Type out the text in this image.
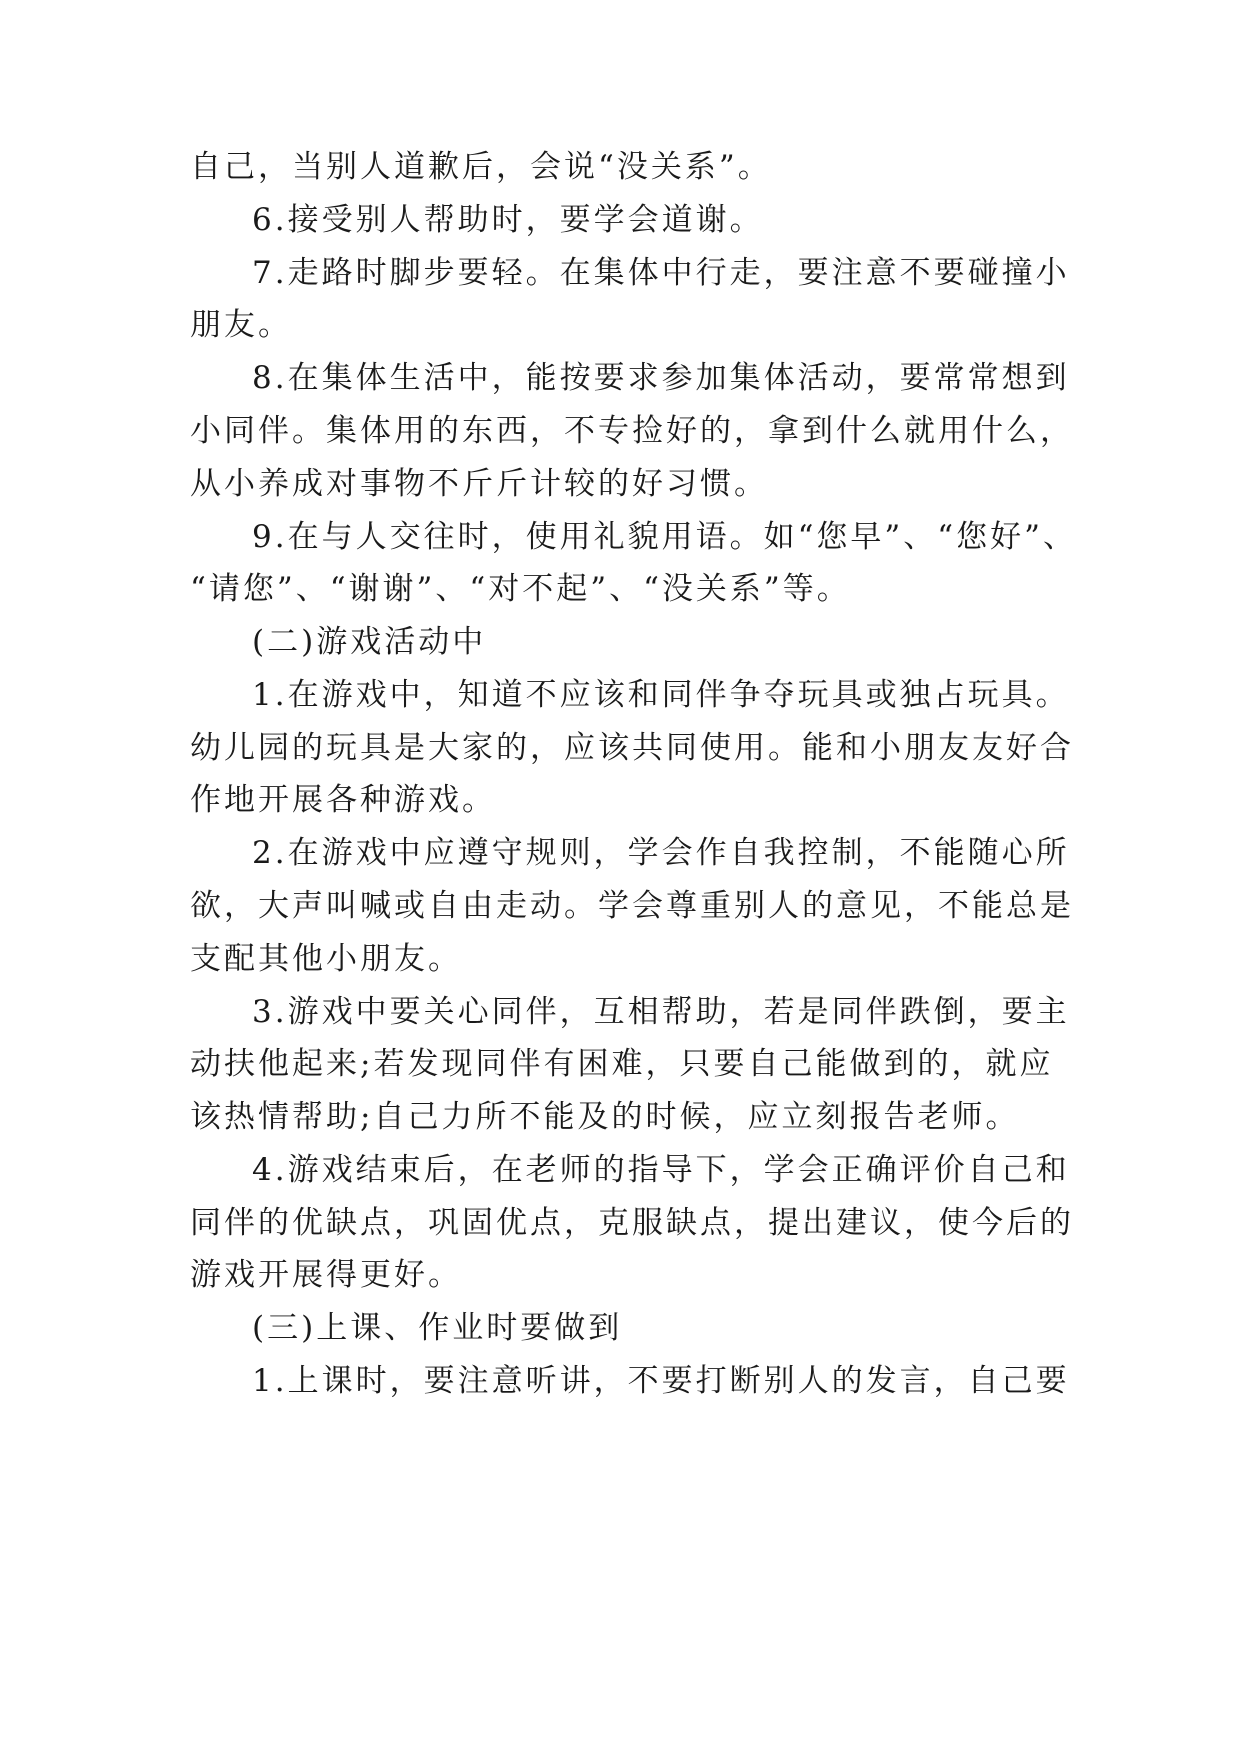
自己，当别人道歉后，会说“没关系”。
6.接受别人帮助时，要学会道谢。
7.走路时脚步要轻。在集体中行走，要注意不要碰撞小
朋友。
8.在集体生活中，能按要求参加集体活动，要常常想到
小同伴。集体用的东西，不专捡好的，拿到什么就用什么，
从小养成对事物不斤斤计较的好习惯。
9.在与人交往时，使用礼貌用语。如“您早”、“您好”、
“请您”、“谢谢”、“对不起”、“没关系”等。
(二)游戏活动中
1.在游戏中，知道不应该和同伴争夺玩具或独占玩具。
幼儿园的玩具是大家的，应该共同使用。能和小朋友友好合
作地开展各种游戏。
2.在游戏中应遵守规则，学会作自我控制，不能随心所
欲，大声叫喊或自由走动。学会尊重别人的意见，不能总是
支配其他小朋友。
3.游戏中要关心同伴，互相帮助，若是同伴跌倒，要主
动扶他起来;若发现同伴有困难，只要自己能做到的，就应
该热情帮助;自己力所不能及的时候，应立刻报告老师。
4.游戏结束后，在老师的指导下，学会正确评价自己和
同伴的优缺点，巩固优点，克服缺点，提出建议，使今后的
游戏开展得更好。
(三)上课、作业时要做到
1.上课时，要注意听讲，不要打断别人的发言，自己要
